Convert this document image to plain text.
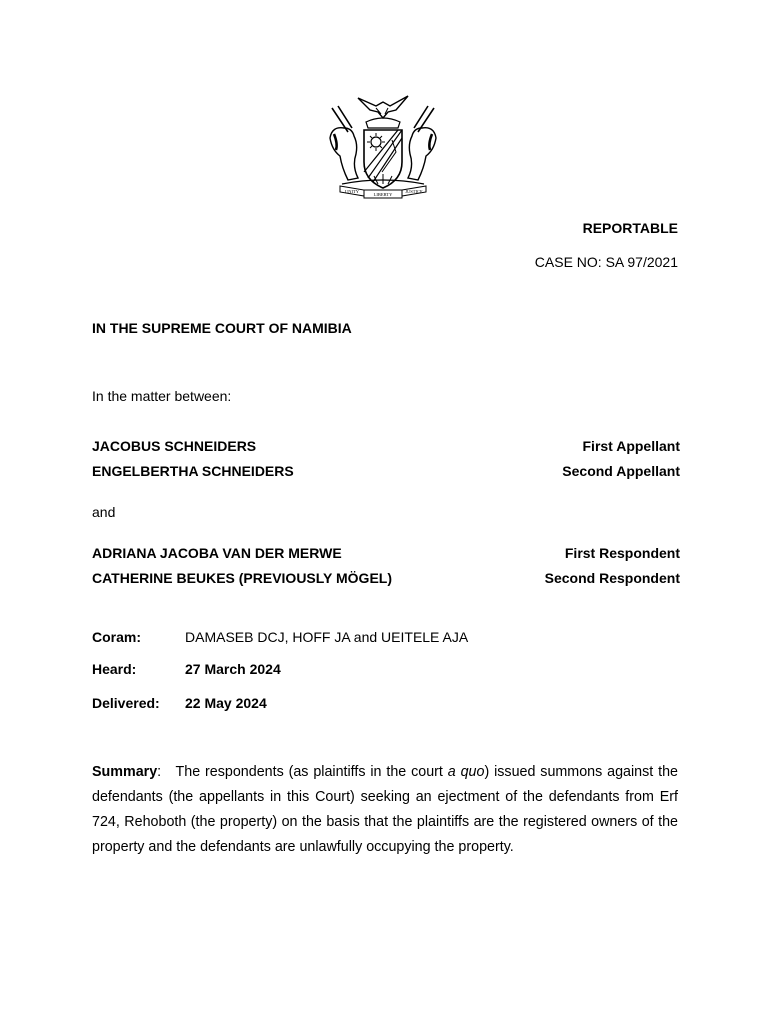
UNITY
LIBERTY
JUSTICE
REPORTABLE
CASE NO: SA 97/2021
IN THE SUPREME COURT OF NAMIBIA
In the matter between:
JACOBUS SCHNEIDERS	First Appellant
ENGELBERTHA SCHNEIDERS	Second Appellant
and
ADRIANA JACOBA VAN DER MERWE	First Respondent
CATHERINE BEUKES (PREVIOUSLY MÖGEL)	Second Respondent
Coram:	DAMASEB DCJ, HOFF JA and UEITELE AJA
Heard:	27 March 2024
Delivered: 22 May 2024
Summary: The respondents (as plaintiffs in the court a quo) issued summons against the defendants (the appellants in this Court) seeking an ejectment of the defendants from Erf 724, Rehoboth (the property) on the basis that the plaintiffs are the registered owners of the property and the defendants are unlawfully occupying the property.
